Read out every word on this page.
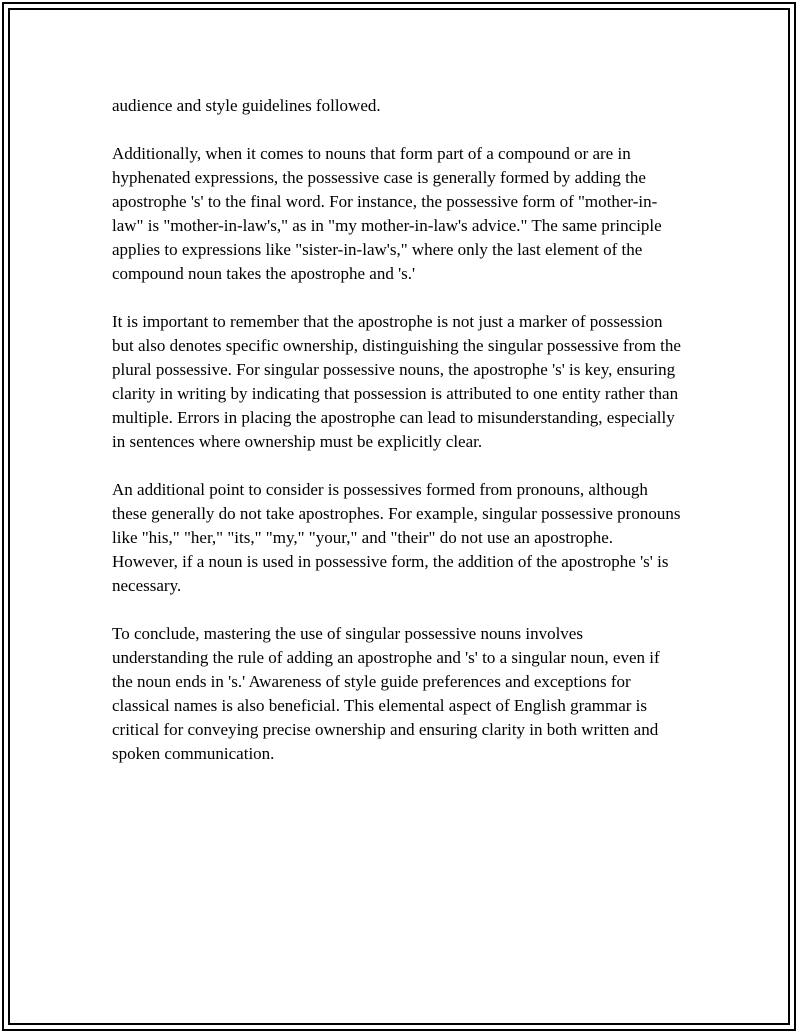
audience and style guidelines followed.

Additionally, when it comes to nouns that form part of a compound or are in hyphenated expressions, the possessive case is generally formed by adding the apostrophe 's' to the final word. For instance, the possessive form of "mother-in-law" is "mother-in-law's," as in "my mother-in-law's advice." The same principle applies to expressions like "sister-in-law's," where only the last element of the compound noun takes the apostrophe and 's.'

It is important to remember that the apostrophe is not just a marker of possession but also denotes specific ownership, distinguishing the singular possessive from the plural possessive. For singular possessive nouns, the apostrophe 's' is key, ensuring clarity in writing by indicating that possession is attributed to one entity rather than multiple. Errors in placing the apostrophe can lead to misunderstanding, especially in sentences where ownership must be explicitly clear.

An additional point to consider is possessives formed from pronouns, although these generally do not take apostrophes. For example, singular possessive pronouns like "his," "her," "its," "my," "your," and "their" do not use an apostrophe. However, if a noun is used in possessive form, the addition of the apostrophe 's' is necessary.

To conclude, mastering the use of singular possessive nouns involves understanding the rule of adding an apostrophe and 's' to a singular noun, even if the noun ends in 's.' Awareness of style guide preferences and exceptions for classical names is also beneficial. This elemental aspect of English grammar is critical for conveying precise ownership and ensuring clarity in both written and spoken communication.
